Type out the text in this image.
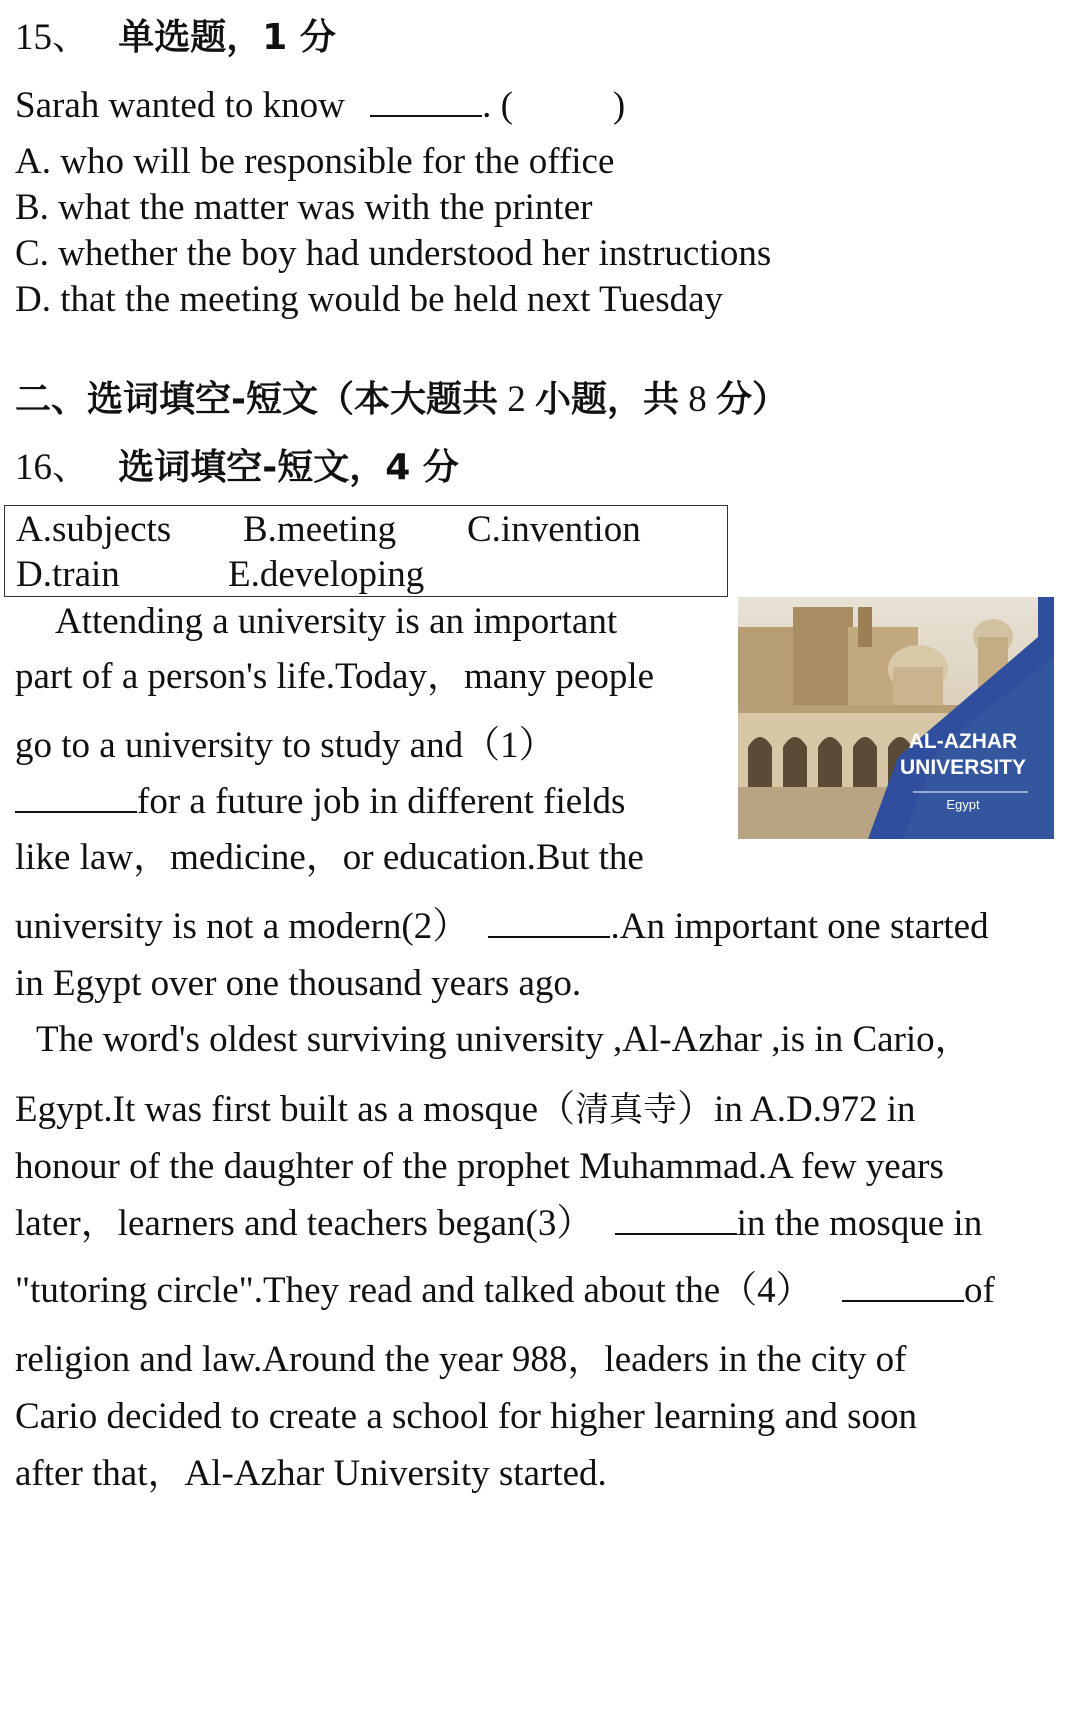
15、 单选题，1 分
Sarah wanted to know	. (	)
A. who will be responsible for the office
B. what the matter was with the printer
C. whether the boy had understood her instructions
D. that the meeting would be held next Tuesday
二、选词填空-短文（本大题共 2 小题，共 8 分）
16、 选词填空-短文，4 分
A.subjects B.meeting C.invention
D.train	E.developing
AL-AZHAR
UNIVERSITY
Egypt
Attending a university is an important
part of a person's life.Today，many people
go to a university to study and（1）
for a future job in different fields
like law，medicine，or education.But the
university is not a modern(2）	.An important one started
in Egypt over one thousand years ago.
The word's oldest surviving university ,Al-Azhar ,is in Cario，
Egypt.It was first built as a mosque（清真寺）in A.D.972 in
honour of the daughter of the prophet Muhammad.A few years
later，learners and teachers began(3）	in the mosque in
"tutoring circle".They read and talked about the（4）	of
religion and law.Around the year 988，leaders in the city of
Cario decided to create a school for higher learning and soon
after that，Al-Azhar University started.
